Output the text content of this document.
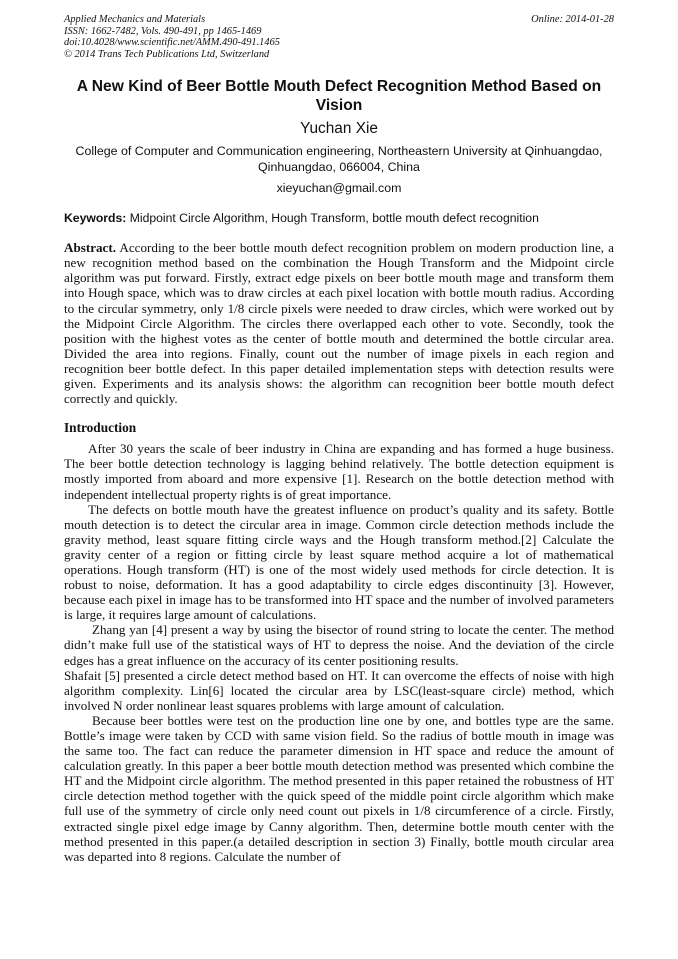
Applied Mechanics and Materials
ISSN: 1662-7482, Vols. 490-491, pp 1465-1469
doi:10.4028/www.scientific.net/AMM.490-491.1465
© 2014 Trans Tech Publications Ltd, Switzerland
Online: 2014-01-28
A New Kind of Beer Bottle Mouth Defect Recognition Method Based on Vision
Yuchan Xie
College of Computer and Communication engineering, Northeastern University at Qinhuangdao, Qinhuangdao, 066004, China
xieyuchan@gmail.com
Keywords: Midpoint Circle Algorithm, Hough Transform, bottle mouth defect recognition
Abstract. According to the beer bottle mouth defect recognition problem on modern production line, a new recognition method based on the combination the Hough Transform and the Midpoint circle algorithm was put forward. Firstly, extract edge pixels on beer bottle mouth mage and transform them into Hough space, which was to draw circles at each pixel location with bottle mouth radius. According to the circular symmetry, only 1/8 circle pixels were needed to draw circles, which were worked out by the Midpoint Circle Algorithm. The circles there overlapped each other to vote. Secondly, took the position with the highest votes as the center of bottle mouth and determined the bottle circular area. Divided the area into regions. Finally, count out the number of image pixels in each region and recognition beer bottle defect. In this paper detailed implementation steps with detection results were given. Experiments and its analysis shows: the algorithm can recognition beer bottle mouth defect correctly and quickly.
Introduction
After 30 years the scale of beer industry in China are expanding and has formed a huge business. The beer bottle detection technology is lagging behind relatively. The bottle detection equipment is mostly imported from aboard and more expensive [1]. Research on the bottle detection method with independent intellectual property rights is of great importance.
The defects on bottle mouth have the greatest influence on product’s quality and its safety. Bottle mouth detection is to detect the circular area in image. Common circle detection methods include the gravity method, least square fitting circle ways and the Hough transform method.[2] Calculate the gravity center of a region or fitting circle by least square method acquire a lot of mathematical operations. Hough transform (HT) is one of the most widely used methods for circle detection. It is robust to noise, deformation. It has a good adaptability to circle edges discontinuity [3]. However, because each pixel in image has to be transformed into HT space and the number of involved parameters is large, it requires large amount of calculations.
Zhang yan [4] present a way by using the bisector of round string to locate the center. The method didn’t make full use of the statistical ways of HT to depress the noise. And the deviation of the circle edges has a great influence on the accuracy of its center positioning results.
Shafait [5] presented a circle detect method based on HT. It can overcome the effects of noise with high algorithm complexity. Lin[6] located the circular area by LSC(least-square circle) method, which involved N order nonlinear least squares problems with large amount of calculation.
Because beer bottles were test on the production line one by one, and bottles type are the same. Bottle’s image were taken by CCD with same vision field. So the radius of bottle mouth in image was the same too. The fact can reduce the parameter dimension in HT space and reduce the amount of calculation greatly. In this paper a beer bottle mouth detection method was presented which combine the HT and the Midpoint circle algorithm. The method presented in this paper retained the robustness of HT circle detection method together with the quick speed of the middle point circle algorithm which make full use of the symmetry of circle only need count out pixels in 1/8 circumference of a circle. Firstly, extracted single pixel edge image by Canny algorithm. Then, determine bottle mouth center with the method presented in this paper.(a detailed description in section 3) Finally, bottle mouth circular area was departed into 8 regions. Calculate the number of
